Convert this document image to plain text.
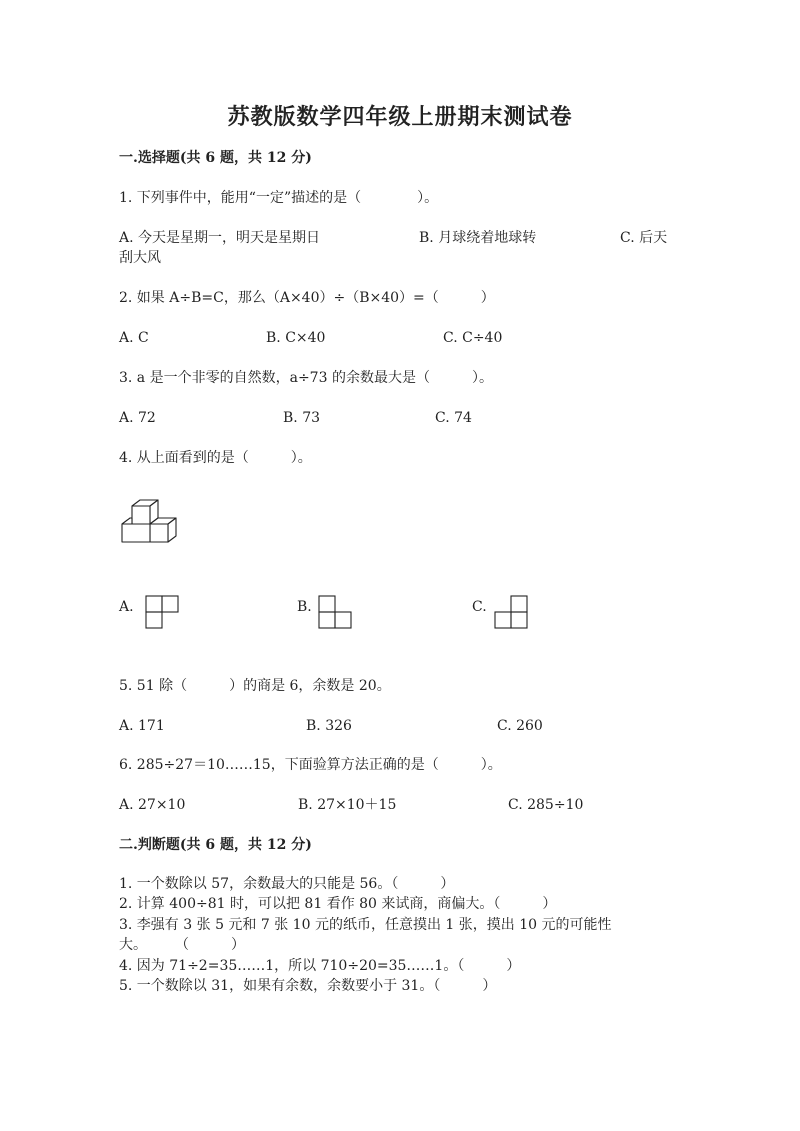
苏教版数学四年级上册期末测试卷
一.选择题(共 6 题，共 12 分)
1. 下列事件中，能用“一定”描述的是（　　　　）。
A. 今天是星期一，明天是星期日	B. 月球绕着地球转	C. 后天
刮大风
2. 如果 A÷B=C，那么（A×40）÷（B×40）=（　　　）
A. C	B. C×40	C. C÷40
3. a 是一个非零的自然数，a÷73 的余数最大是（　　　）。
A. 72	B. 73	C. 74
4. 从上面看到的是（　　　）。
A.	B.	C.
5. 51 除（　　　）的商是 6，余数是 20。
A. 171	B. 326	C. 260
6. 285÷27＝10……15，下面验算方法正确的是（　　　）。
A. 27×10	B. 27×10＋15	C. 285÷10
二.判断题(共 6 题，共 12 分)
1. 一个数除以 57，余数最大的只能是 56。（　　　）
2. 计算 400÷81 时，可以把 81 看作 80 来试商，商偏大。（　　　）
3. 李强有 3 张 5 元和 7 张 10 元的纸币，任意摸出 1 张，摸出 10 元的可能性
大。　　　（　　　）
4. 因为 71÷2=35……1，所以 710÷20=35……1。（　　　）
5. 一个数除以 31，如果有余数，余数要小于 31。（　　　）
